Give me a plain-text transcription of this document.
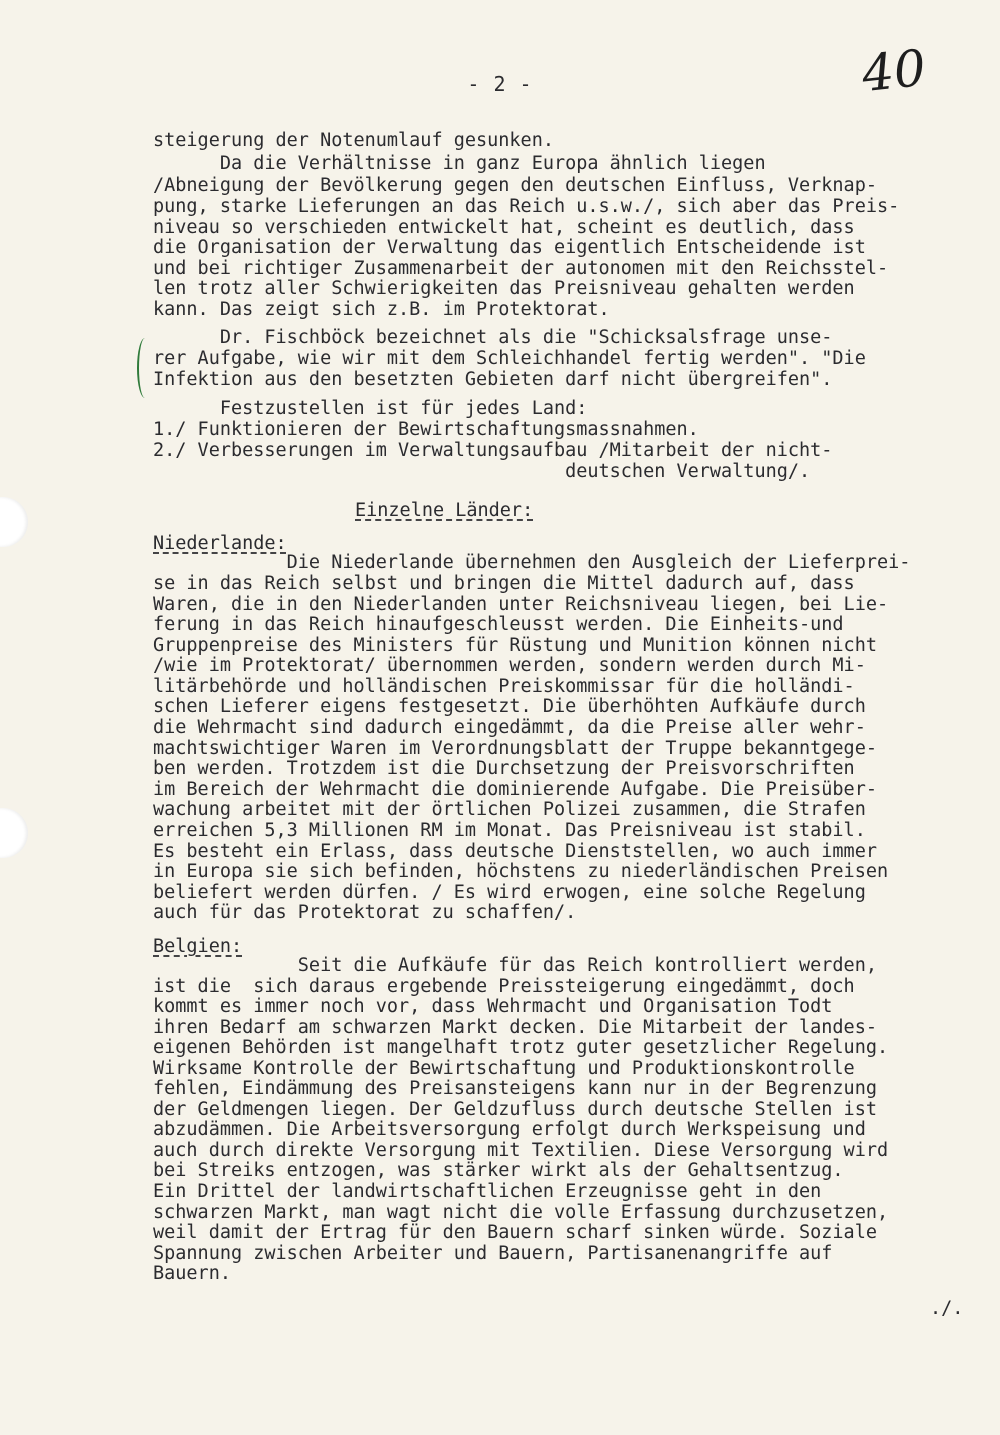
- 2 -	40
steigerung der Notenumlauf gesunken.
Da die Verhältnisse in ganz Europa ähnlich liegen
/Abneigung der Bevölkerung gegen den deutschen Einfluss, Verknap-
pung, starke Lieferungen an das Reich u.s.w./, sich aber das Preis-
niveau so verschieden entwickelt hat, scheint es deutlich, dass
die Organisation der Verwaltung das eigentlich Entscheidende ist
und bei richtiger Zusammenarbeit der autonomen mit den Reichsstel-
len trotz aller Schwierigkeiten das Preisniveau gehalten werden
kann. Das zeigt sich z.B. im Protektorat.
Dr. Fischböck bezeichnet als die "Schicksalsfrage unse-
rer Aufgabe, wie wir mit dem Schleichhandel fertig werden". "Die
Infektion aus den besetzten Gebieten darf nicht übergreifen".
Festzustellen ist für jedes Land:
1./ Funktionieren der Bewirtschaftungsmassnahmen.
2./ Verbesserungen im Verwaltungsaufbau /Mitarbeit der nicht-
deutschen Verwaltung/.
Einzelne Länder:
Niederlande:
Die Niederlande übernehmen den Ausgleich der Lieferprei-
se in das Reich selbst und bringen die Mittel dadurch auf, dass
Waren, die in den Niederlanden unter Reichsniveau liegen, bei Lie-
ferung in das Reich hinaufgeschleusst werden. Die Einheits-und
Gruppenpreise des Ministers für Rüstung und Munition können nicht
/wie im Protektorat/ übernommen werden, sondern werden durch Mi-
litärbehörde und holländischen Preiskommissar für die holländi-
schen Lieferer eigens festgesetzt. Die überhöhten Aufkäufe durch
die Wehrmacht sind dadurch eingedämmt, da die Preise aller wehr-
machtswichtiger Waren im Verordnungsblatt der Truppe bekanntgege-
ben werden. Trotzdem ist die Durchsetzung der Preisvorschriften
im Bereich der Wehrmacht die dominierende Aufgabe. Die Preisüber-
wachung arbeitet mit der örtlichen Polizei zusammen, die Strafen
erreichen 5,3 Millionen RM im Monat. Das Preisniveau ist stabil.
Es besteht ein Erlass, dass deutsche Dienststellen, wo auch immer
in Europa sie sich befinden, höchstens zu niederländischen Preisen
beliefert werden dürfen. / Es wird erwogen, eine solche Regelung
auch für das Protektorat zu schaffen/.
Belgien:
Seit die Aufkäufe für das Reich kontrolliert werden,
ist die  sich daraus ergebende Preissteigerung eingedämmt, doch
kommt es immer noch vor, dass Wehrmacht und Organisation Todt
ihren Bedarf am schwarzen Markt decken. Die Mitarbeit der landes-
eigenen Behörden ist mangelhaft trotz guter gesetzlicher Regelung.
Wirksame Kontrolle der Bewirtschaftung und Produktionskontrolle
fehlen, Eindämmung des Preisansteigens kann nur in der Begrenzung
der Geldmengen liegen. Der Geldzufluss durch deutsche Stellen ist
abzudämmen. Die Arbeitsversorgung erfolgt durch Werkspeisung und
auch durch direkte Versorgung mit Textilien. Diese Versorgung wird
bei Streiks entzogen, was stärker wirkt als der Gehaltsentzug.
Ein Drittel der landwirtschaftlichen Erzeugnisse geht in den
schwarzen Markt, man wagt nicht die volle Erfassung durchzusetzen,
weil damit der Ertrag für den Bauern scharf sinken würde. Soziale
Spannung zwischen Arbeiter und Bauern, Partisanenangriffe auf
Bauern.
./.
